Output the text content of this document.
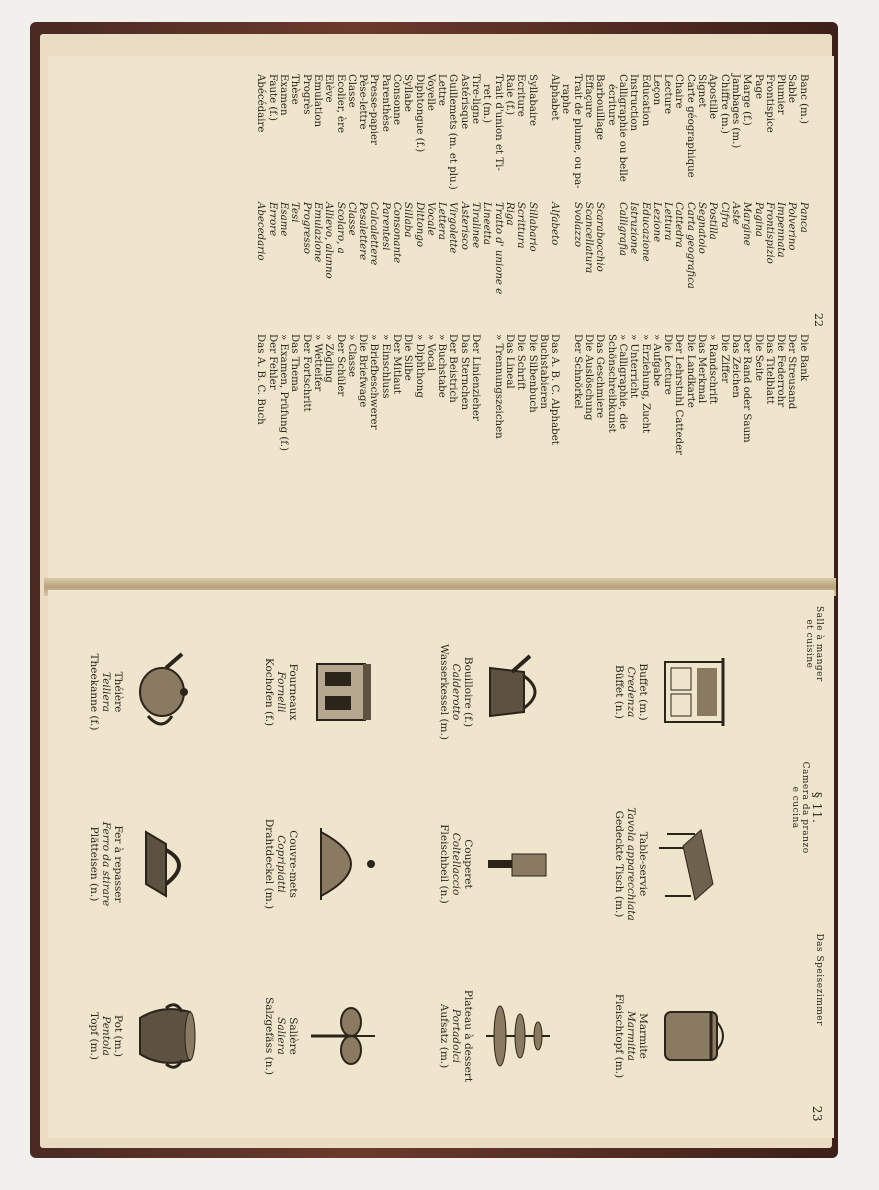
22
Banc (m.)
Panca
Die Bank
Sable
Polverino
Der Streusand
Plumier
Impennata
Die Federrohr
Frontispice
Frontispizio
Das Titelblatt
Page
Pagina
Die Seite
Marge (f.)
Margine
Der Rand oder Saum
Jambages (m.)
Aste
Das Zeichen
Chiffre (m.)
Cifra
Die Ziffer
Apostille
Postilla
» Randschrift
Signet
Segnatoio
Das Merkmal
Carte géographique
Carta geografica
Die Landkarte
Chaire
Cattedra
Der Lehrstuhl Catteder
Lecture
Lettura
Die Lecture
Leçon
Lezione
» Aufgabe
Education
Educazione
» Erziehung, Zucht
Instruction
Istruzione
» Unterricht
Calligraphie ou belle
Calligrafia
» Calligraphie, die
écriture
Schönschreibkunst
Barbouillage
Scarabocchio
Das Geschmiere
Effaçure
Scancellatura
Die Auslöschung
Trait de plume, ou pa-
Svolazzo
Der Schnörkel
raphe
Alphabet
Alfabeto
Das A. B. C. Alphabet
Buchstabieren
Syllabaire
Sillabario
Die Silbenbuch
Ecriture
Scrittura
Die Schrift
Raie (f.)
Riga
Das Lineal
Trait d'union et Ti-
Tratto d' unione e
» Trennungszeichen
ret (m.)
Lineetta
Tire-ligne
Tiralinee
Der Linienzieher
Astérisque
Asterisco
Das Sternchen
Guillemets (m. et plu.)
Virgolette
Der Beistrich
Lettre
Lettera
» Buchstabe
Voyelle
Vocale
» Vocal
Diphtongue (f.)
Dittongo
» Diphthong
Syllabe
Sillaba
Die Silbe
Consonne
Consonante
Der Mitlaut
Parenthèse
Parentesi
» Einschluss
Presse-papier
Calcalettere
» Briefbeschwerer
Pèse-lettre
Pesalettere
Die Briefwage
Classe
Classe
» Classe
Ecolier, ère
Scolaro, a
Der Schüler
Elève
Allievo, alunno
» Zögling
Emulation
Emulazione
» Wetteifer
Progrès
Progresso
Der Fortschritt
Thèse
Tesi
Das Thema
Examen
Esame
» Examen, Prüfung (f.)
Faute (f.)
Errore
Der Fehler
Abécédaire
Abecedario
Das A. B. C. Buch
Salle à manger
et cuisine
§ 11.
Camera da pranzo
e cucina
Das Speisezimmer
23
Buffet (m.)
Credenza
Büffet (n.)
Table-servie
Tavola apparecchiata
Gedeckte Tisch (m.)
Marmite
Marmitta
Fleischtopf (m.)
Bouilloire (f.)
Calderotto
Wasserkessel (m.)
Couperet
Coltellaccio
Fleischbeil (n.)
Plateau à dessert
Portadolci
Aufsatz (m.)
Fourneaux
Fornelli
Kochofen (f.)
Couvre-mets
Copripiatti
Drahtdeckel (m.)
Salière
Saliera
Salzgefäss (n.)
Théière
Teiliera
Theekanne (f.)
Fer à repasser
Ferro da stirare
Plätteisen (n.)
Pot (m.)
Pentola
Topf (m.)
